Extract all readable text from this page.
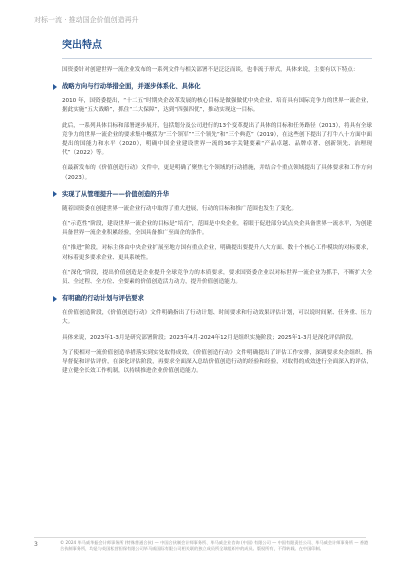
对标一流 · 推动国企价值创造再升
突出特点

国资委针对创建世界一流企业发布的一系列文件与相关部署不是泛泛而谈，也非流于形式，具体来说，主要有以下特点：

战略方向与行动举措全面，并逐步体系化、具体化

2010 年，国资委提出，“十二五”时期央企改革发展的核心目标是做强做优中央企业、培育具有国际竞争力的世界一流企业，据此实施“五大战略”，抓住“二大保障”，达到“四强四优”，推动实现这一目标。

此后，一系列具体目标和部署逐步展开，包括划分及公司进行的13个变革提出了具体的目标和任务路径（2013），将具有全球竞争力的世界一流企业的要求集中概括为“三个领军”“三个领先”和“三个典范”（2019），在这些创下提出了打牛八十方面中面提出的国能力和水平（2020），明确中国企业建设世界一流的36字关键要素“产品卓越、品牌卓著、创新领先、治理现代”（2022）等。

在最新发布的《价值创造行动》文件中，更是明确了聚焦七个领域的行动措施，并结合个重点领域提出了具体要求和工作方向（2023）。

实现了从管理提升——价值创造的升华

随着国资委在创建世界一流企业行动中取得了重大进展，行动的目标和推广范围也发生了变化。

在“示范性”阶段，建设世界一流企业的目标是“培育”，范围是中央企业，着眼于促进部分试点央企具备世界一流水平，为创建具备世界一流企业积累经验，全国具备推广至面企的条件。

在“推进”阶段，对标主体由中央企业扩展至地方国有重点企业，明确提出要提升八大方面、数十个核心工作模块的对标要求，对标着更多要求企业、更具系统性。

在“深化”阶段，提出价值创造是企业提升全球竞争力的本质要求，要求国资委企业以对标世界一流企业为抓手，不断扩大全员、全过程、全方位、全要素的价值创造活力动力，提升价值创造能力。

有明确的行动计划与评估要求

在价值创造阶段，《价值创造行动》文件明确指出了行动计划、时间要求和行动效果评估计划，可以说时间紧、任务重、压力大。

具体来说，2023年1-3月是研究部署阶段；2023年4月-2024年12月是组织实施阶段；2025年1-3月是深化评估阶段。

为了使相对一流价值创造举措落实到实处取得成效，《价值创造行动》文件明确提出了评估工作安排，深调要求央企组织、指导督促和评估评价，在深化评估阶段，再要求全面深入总结价值创造行动的经验和经验，对取得的成效进行全面深入的评估，建立健全长效工作机制，以持续推进企业价值创造能力。

3	© 2024 毕马威华振会计师事务所 (特殊普通合伙) — 中国合伙制会计师事务所、毕马威企业咨询 (中国) 有限公司 — 中国有限责任公司、毕马威会计师事务所 — 香港合伙制事务所，均是与英国私营担保有限公司毕马威国际有限公司相关联的独立成员所全球组织中的成员。版权所有，不得转载。在中国印制。
